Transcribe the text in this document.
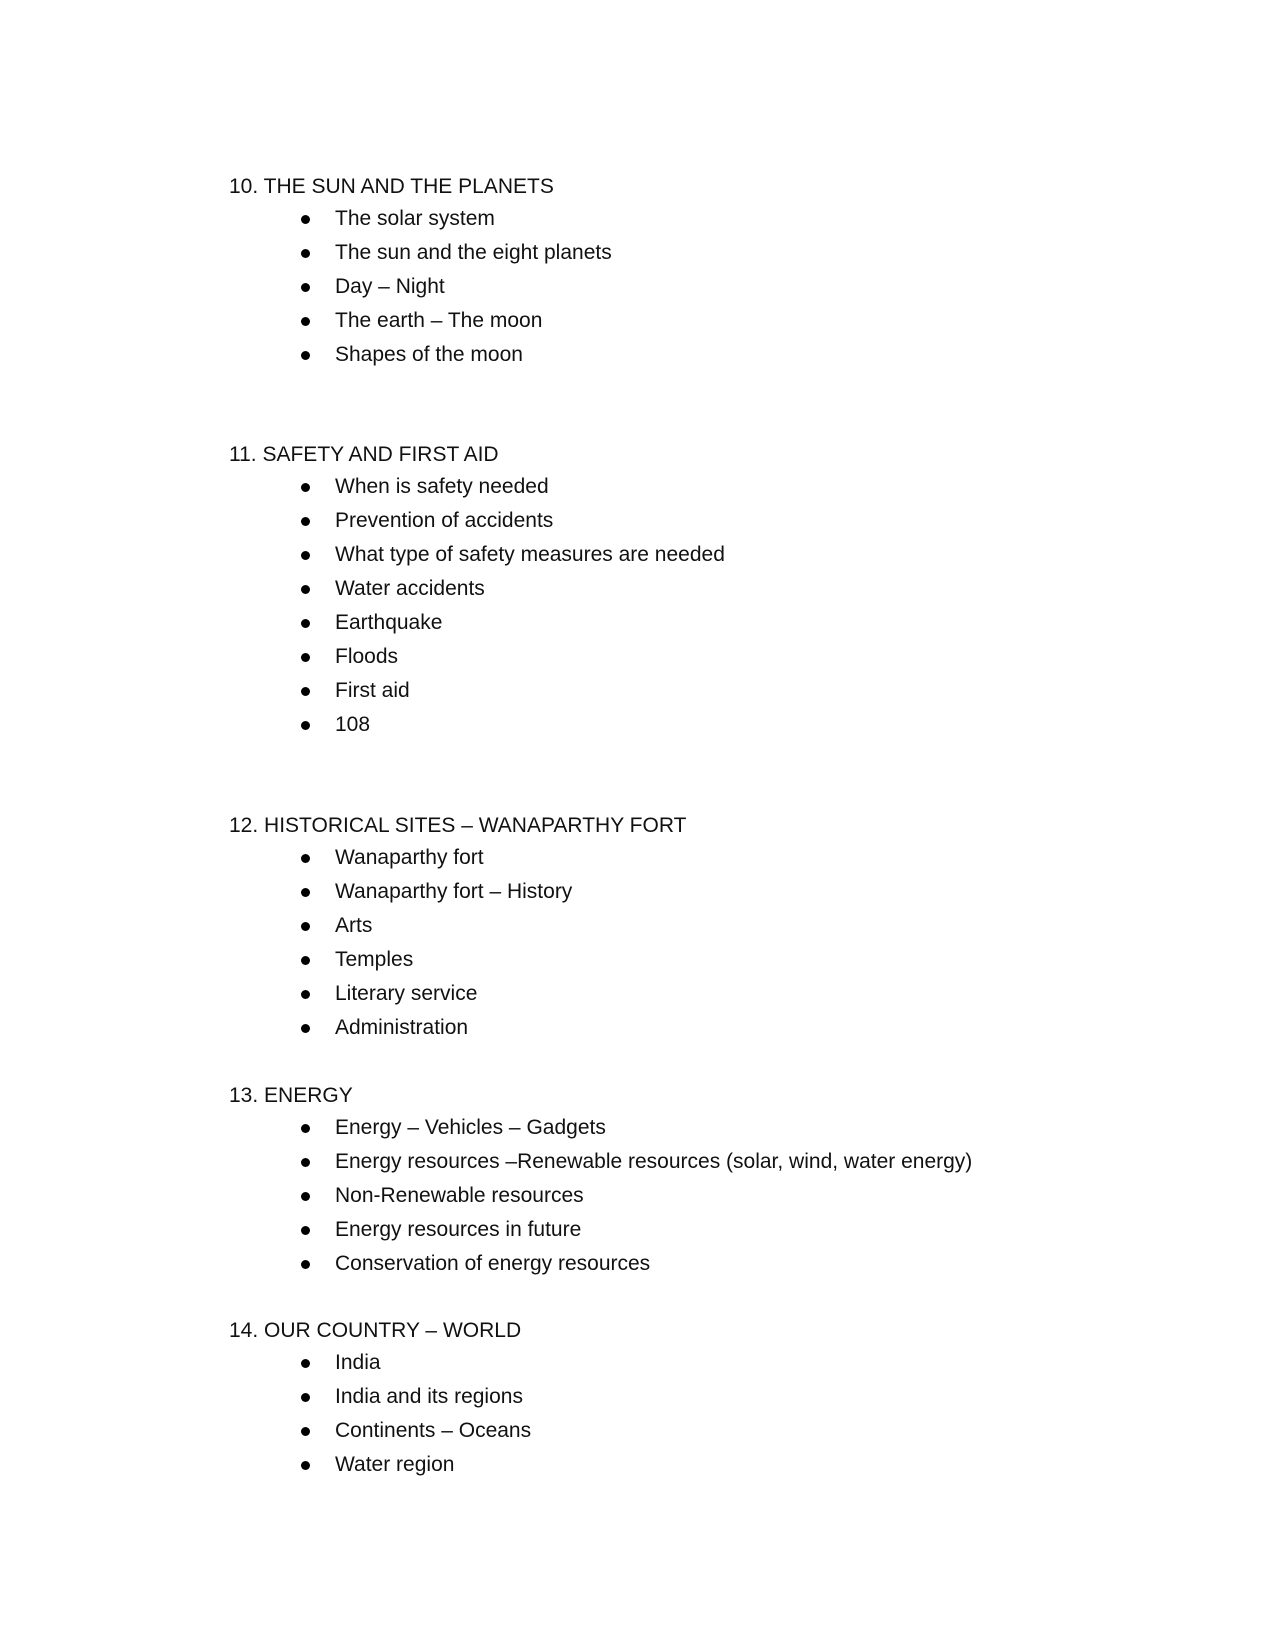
10. THE SUN AND THE PLANETS
The solar system
The sun and the eight planets
Day – Night
The earth – The moon
Shapes of the moon
11. SAFETY AND FIRST AID
When is safety needed
Prevention of accidents
What type of safety measures are needed
Water accidents
Earthquake
Floods
First aid
108
12. HISTORICAL SITES – WANAPARTHY FORT
Wanaparthy fort
Wanaparthy fort – History
Arts
Temples
Literary service
Administration
13. ENERGY
Energy – Vehicles – Gadgets
Energy resources –Renewable resources (solar, wind, water energy)
Non-Renewable resources
Energy resources in future
Conservation of energy resources
14. OUR COUNTRY – WORLD
India
India and its regions
Continents – Oceans
Water region
